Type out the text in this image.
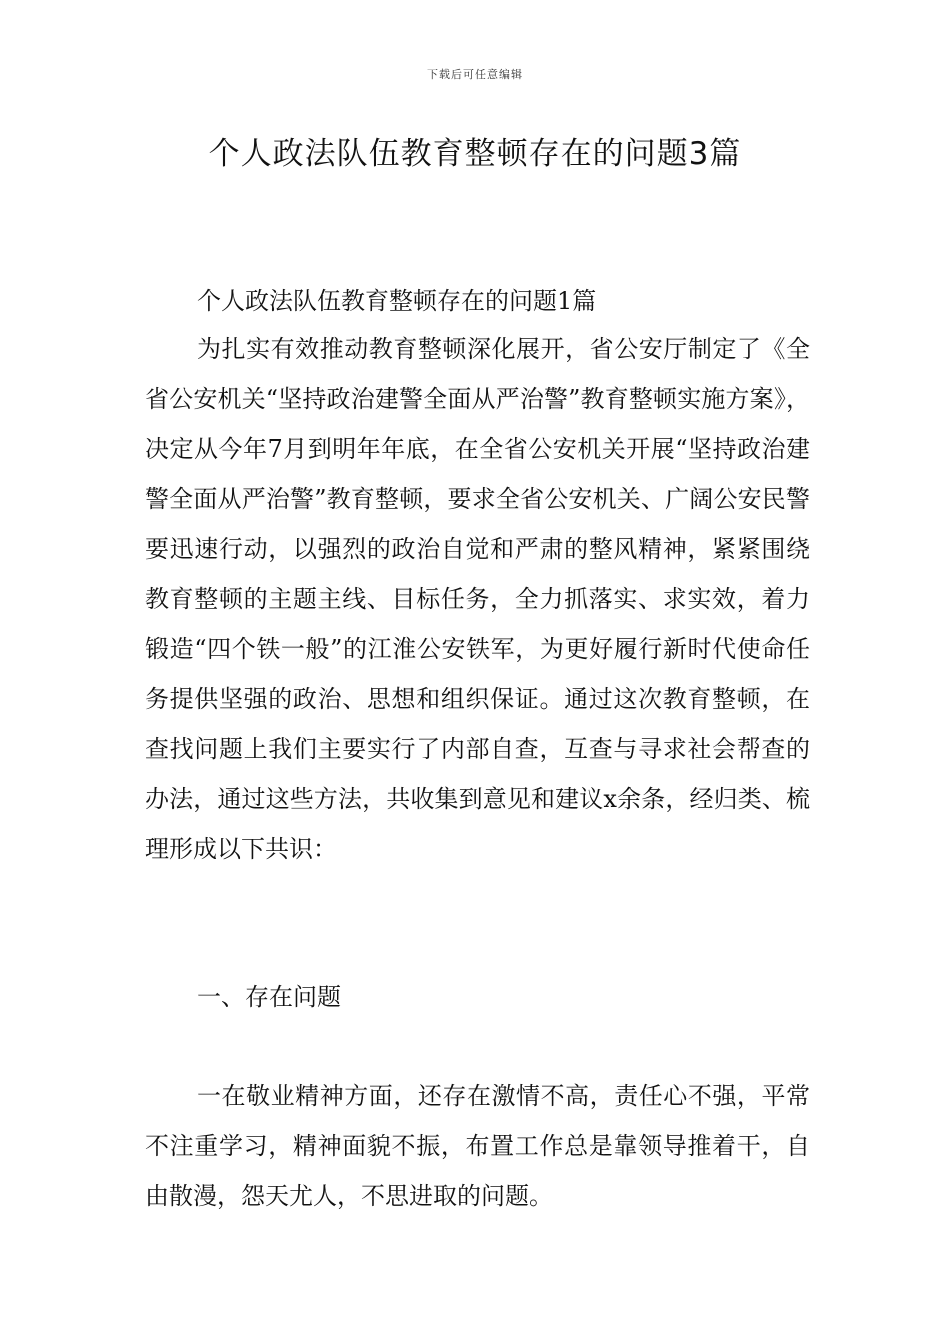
下载后可任意编辑
个人政法队伍教育整顿存在的问题3篇

个人政法队伍教育整顿存在的问题1篇

为扎实有效推动教育整顿深化展开，省公安厅制定了《全省公安机关“坚持政治建警全面从严治警”教育整顿实施方案》，决定从今年7月到明年年底，在全省公安机关开展“坚持政治建警全面从严治警”教育整顿，要求全省公安机关、广阔公安民警要迅速行动，以强烈的政治自觉和严肃的整风精神，紧紧围绕教育整顿的主题主线、目标任务，全力抓落实、求实效，着力锻造“四个铁一般”的江淮公安铁军，为更好履行新时代使命任务提供坚强的政治、思想和组织保证。通过这次教育整顿，在查找问题上我们主要实行了内部自查，互查与寻求社会帮查的办法，通过这些方法，共收集到意见和建议x余条，经归类、梳理形成以下共识：

一、存在问题

一在敬业精神方面，还存在激情不高，责任心不强，平常不注重学习，精神面貌不振，布置工作总是靠领导推着干，自由散漫，怨天尤人，不思进取的问题。
